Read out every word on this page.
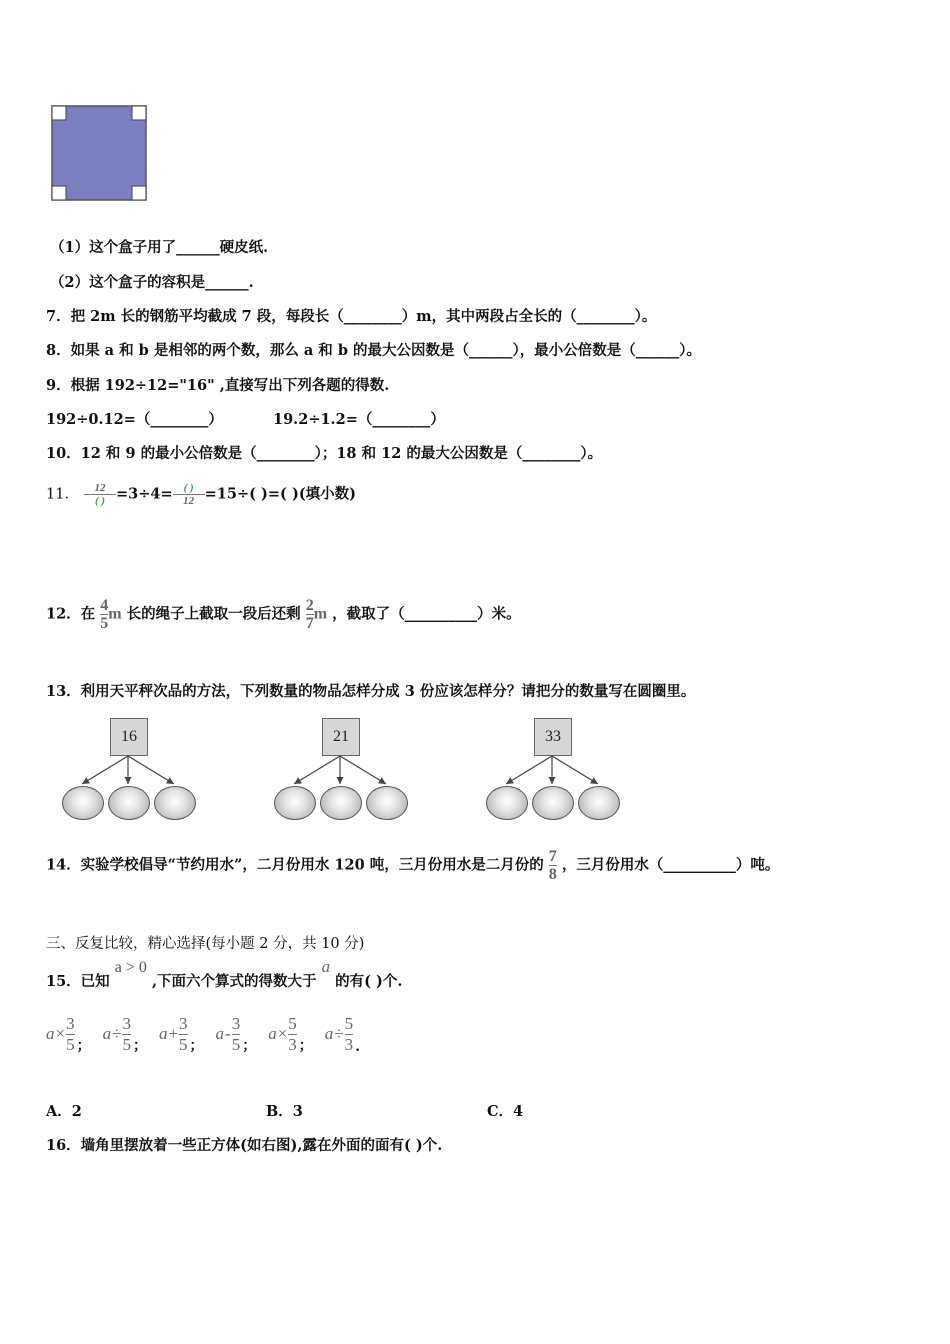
（1）这个盒子用了______硬皮纸.
（2）这个盒子的容积是______.
7．把 2m 长的钢筋平均截成 7 段，每段长（________）m，其中两段占全长的（________）。
8．如果 a 和 b 是相邻的两个数，那么 a 和 b 的最大公因数是（______），最小公倍数是（______）。
9．根据 192÷12="16" ,直接写出下列各题的得数.
192÷0.12=（________）	19.2÷1.2=（________）
10．12 和 9 的最小公倍数是（________）；18 和 12 的最大公因数是（________）。
11． $\frac{12}{( )} =3\div 4= \frac{( )}{12} =15\div$( )=( )(填小数)
12．在 $\frac{4}{5}$ m 长的绳子上截取一段后还剩 $\frac{2}{7}$ m ，截取了（__________）米。
13．利用天平秤次品的方法，下列数量的物品怎样分成 3 份应该怎样分？请把分的数量写在圆圈里。
16	21	33
14．实验学校倡导“节约用水”，二月份用水 120 吨，三月份用水是二月份的 $\frac{7}{8}$ ，三月份用水（__________）吨。
三、反复比较，精心选择(每小题 2 分，共 10 分)
15．已知 a > 0 ,下面六个算式的得数大于 a 的有( )个.
$a\times \frac{3}{5}$ ；$a\div \frac{3}{5}$ ；$a+ \frac{3}{5}$ ；$a- \frac{3}{5}$ ；$a\times \frac{5}{3}$ ；$a\div \frac{5}{3}$ .
A．2	B．3	C．4
16．墙角里摆放着一些正方体(如右图),露在外面的面有( )个.
